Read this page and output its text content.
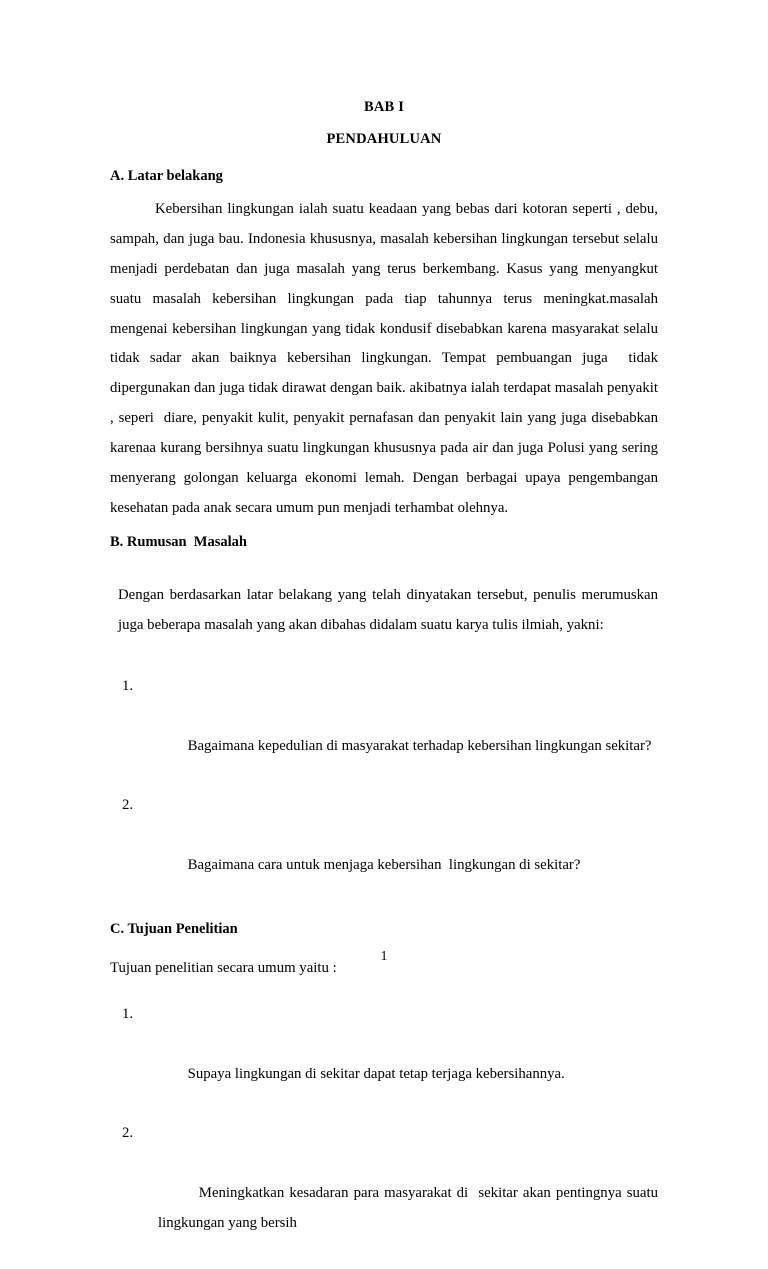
BAB I
PENDAHULUAN
A. Latar belakang

Kebersihan lingkungan ialah suatu keadaan yang bebas dari kotoran seperti , debu, sampah, dan juga bau. Indonesia khususnya, masalah kebersihan lingkungan tersebut selalu menjadi perdebatan dan juga masalah yang terus berkembang. Kasus yang menyangkut suatu masalah kebersihan lingkungan pada tiap tahunnya terus meningkat.masalah mengenai kebersihan lingkungan yang tidak kondusif disebabkan karena masyarakat selalu tidak sadar akan baiknya kebersihan lingkungan. Tempat pembuangan juga  tidak dipergunakan dan juga tidak dirawat dengan baik. akibatnya ialah terdapat masalah penyakit , seperi  diare, penyakit kulit, penyakit pernafasan dan penyakit lain yang juga disebabkan karenaa kurang bersihnya suatu lingkungan khususnya pada air dan juga Polusi yang sering menyerang golongan keluarga ekonomi lemah. Dengan berbagai upaya pengembangan kesehatan pada anak secara umum pun menjadi terhambat olehnya.

B. Rumusan  Masalah

Dengan berdasarkan latar belakang yang telah dinyatakan tersebut, penulis merumuskan juga beberapa masalah yang akan dibahas didalam suatu karya tulis ilmiah, yakni:

1.

Bagaimana kepedulian di masyarakat terhadap kebersihan lingkungan sekitar?

2.

Bagaimana cara untuk menjaga kebersihan  lingkungan di sekitar?

C. Tujuan Penelitian

Tujuan penelitian secara umum yaitu :

1.

Supaya lingkungan di sekitar dapat tetap terjaga kebersihannya.

2.

Meningkatkan kesadaran para masyarakat di  sekitar akan pentingnya suatu lingkungan yang bersih

1
